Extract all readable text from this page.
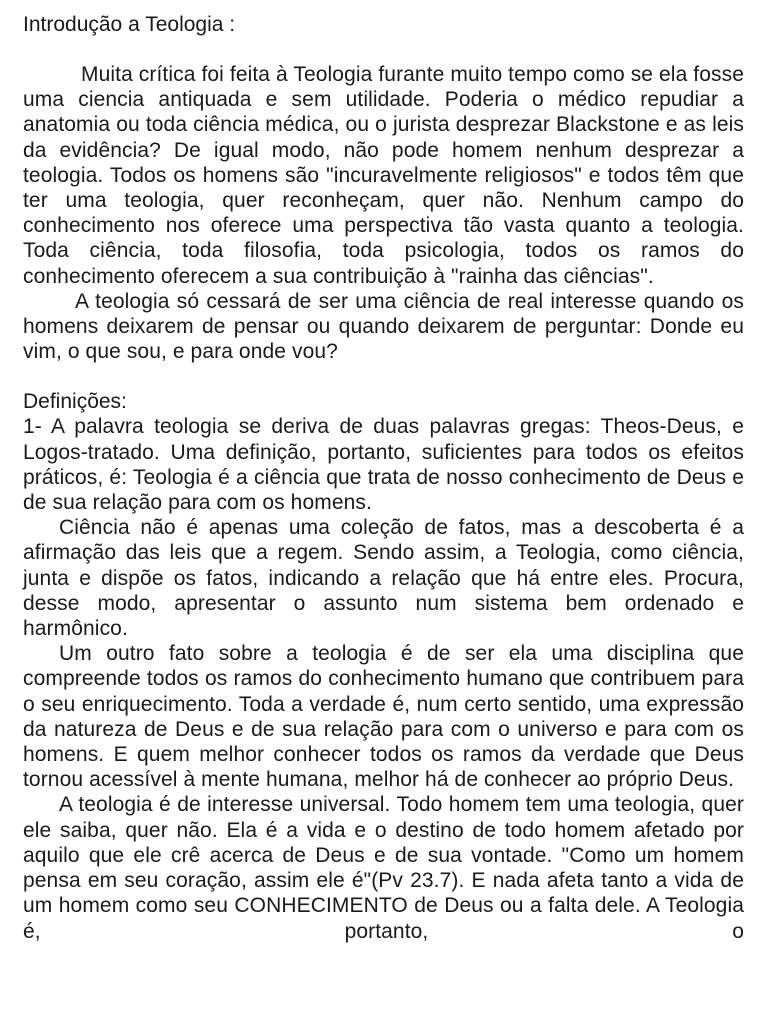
Introdução a Teologia :

Muita crítica foi feita à Teologia furante muito tempo como se ela fosse uma ciencia antiquada e sem utilidade. Poderia o médico repudiar a anatomia ou toda ciência médica, ou o jurista desprezar Blackstone e as leis da evidência? De igual modo, não pode homem nenhum desprezar a teologia. Todos os homens são "incuravelmente religiosos" e todos têm que ter uma teologia, quer reconheçam, quer não. Nenhum campo do conhecimento nos oferece uma perspectiva tão vasta quanto a teologia. Toda ciência, toda filosofia, toda psicologia, todos os ramos do conhecimento oferecem a sua contribuição à "rainha das ciências".

A teologia só cessará de ser uma ciência de real interesse quando os homens deixarem de pensar ou quando deixarem de perguntar: Donde eu vim, o que sou, e para onde vou?

Definições:

1- A palavra teologia se deriva de duas palavras gregas: Theos-Deus, e Logos-tratado. Uma definição, portanto, suficientes para todos os efeitos práticos, é: Teologia é a ciência que trata de nosso conhecimento de Deus e de sua relação para com os homens.

Ciência não é apenas uma coleção de fatos, mas a descoberta é a afirmação das leis que a regem. Sendo assim, a Teologia, como ciência, junta e dispõe os fatos, indicando a relação que há entre eles. Procura, desse modo, apresentar o assunto num sistema bem ordenado e harmônico.

Um outro fato sobre a teologia é de ser ela uma disciplina que compreende todos os ramos do conhecimento humano que contribuem para o seu enriquecimento. Toda a verdade é, num certo sentido, uma expressão da natureza de Deus e de sua relação para com o universo e para com os homens. E quem melhor conhecer todos os ramos da verdade que Deus tornou acessível à mente humana, melhor há de conhecer ao próprio Deus.

A teologia é de interesse universal. Todo homem tem uma teologia, quer ele saiba, quer não. Ela é a vida e o destino de todo homem afetado por aquilo que ele crê acerca de Deus e de sua vontade. "Como um homem pensa em seu coração, assim ele é"(Pv 23.7). E nada afeta tanto a vida de um homem como seu CONHECIMENTO de Deus ou a falta dele. A Teologia é, portanto, o
